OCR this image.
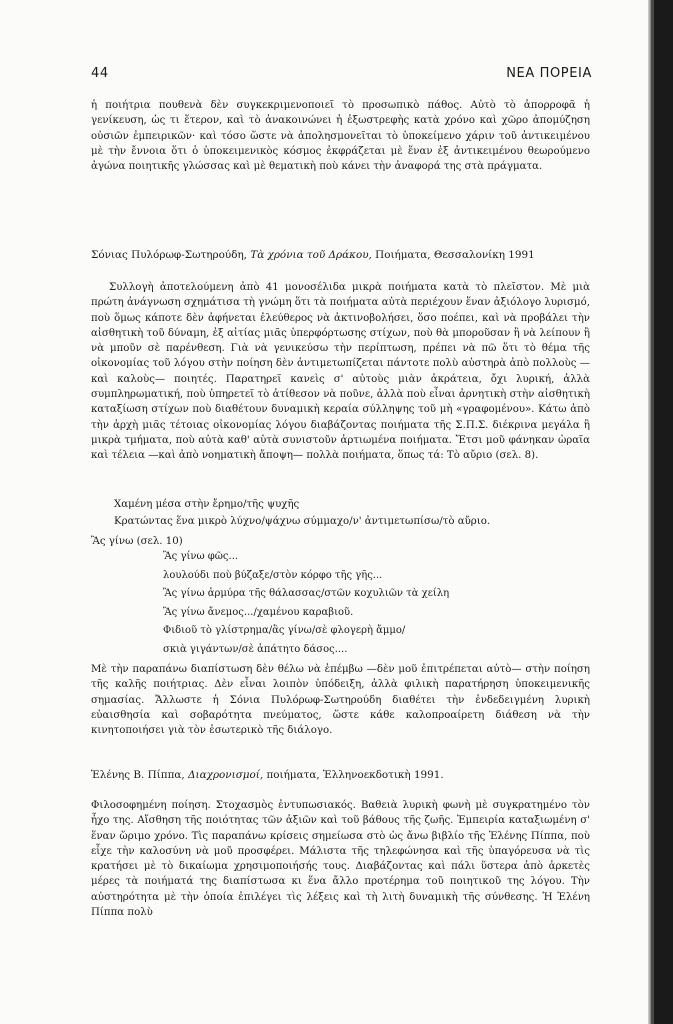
44	ΝΕΑ ΠΟΡΕΙΑ

ἡ ποιήτρια πουθενὰ δὲν συγκεκριμενοποιεῖ τὸ προσωπικὸ πάθος. Αὐτὸ τὸ ἀπορροφᾶ ἡ γενίκευση, ὡς τι ἕτερον, καὶ τὸ ἀνακοινώνει ἡ ἐξωστρεφὴς κατὰ χρόνο καὶ χῶρο ἀπομύζηση οὐσιῶν ἐμπειρικῶν· καὶ τόσο ὥστε νὰ ἀπολησμονεῖται τὸ ὑποκείμενο χάριν τοῦ ἀντικειμένου μὲ τὴν ἔννοια ὅτι ὁ ὑποκειμενικὸς κόσμος ἐκφράζεται μὲ ἕναν ἐξ ἀντικειμένου θεωρούμενο ἀγώνα ποιητικῆς γλώσσας καὶ μὲ θεματικὴ ποὺ κάνει τὴν ἀναφορά της στὰ πράγματα.

Σόνιας Πυλόρωφ-Σωτηρούδη, Τὰ χρόνια τοῦ Δράκου, Ποιήματα, Θεσσαλονίκη 1991

Συλλογὴ ἀποτελούμενη ἀπὸ 41 μονοσέλιδα μικρὰ ποιήματα κατὰ τὸ πλεῖστον. Μὲ μιὰ πρώτη ἀνάγνωση σχημάτισα τὴ γνώμη ὅτι τὰ ποιήματα αὐτὰ περιέχουν ἕναν ἀξιόλογο λυρισμό, ποὺ ὅμως κάποτε δὲν ἀφήνεται ἐλεύθερος νὰ ἀκτινοβολήσει, ὅσο ποέπει, καὶ νὰ προβάλει τὴν αἰσθητικὴ τοῦ δύναμη, ἐξ αἰτίας μιᾶς ὑπερφόρτωσης στίχων, ποὺ θὰ μποροῦσαν ἢ νὰ λείπουν ἢ νὰ μποῦν σὲ παρένθεση. Γιὰ νὰ γενικεύσω τὴν περίπτωση, πρέπει νὰ πῶ ὅτι τὸ θέμα τῆς οἰκονομίας τοῦ λόγου στὴν ποίηση δὲν ἀντιμετωπίζεται πάντοτε πολὺ αὐστηρὰ ἀπὸ πολλοὺς —καὶ καλοὺς— ποιητές. Παρατηρεῖ κανεὶς σ' αὐτοὺς μιὰν ἀκράτεια, ὄχι λυρική, ἀλλὰ συμπληρωματική, ποὺ ὑπηρετεῖ τὸ ἀτίθεσον νὰ ποῦνε, ἀλλὰ ποὺ εἶναι ἀρνητικὴ στὴν αἰσθητικὴ καταξίωση στίχων ποὺ διαθέτουν δυναμικὴ κεραία σύλληψης τοῦ μὴ «γραφομένου». Κάτω ἀπὸ τὴν ἀρχὴ μιᾶς τέτοιας οἰκονομίας λόγου διαβάζοντας ποιήματα τῆς Σ.Π.Σ. διέκρινα μεγάλα ἢ μικρὰ τμήματα, ποὺ αὐτὰ καθ' αὑτὰ συνιστοῦν ἀρτιωμένα ποιήματα. Ἔτσι μοῦ φάνηκαν ὡραῖα καὶ τέλεια —καὶ ἀπὸ νοηματικὴ ἄποψη— πολλὰ ποιήματα, ὅπως τά: Τὸ αὔριο (σελ. 8).

Χαμένη μέσα στὴν ἔρημο/τῆς ψυχῆς

Κρατώντας ἕνα μικρὸ λύχνο/ψάχνω σύμμαχο/ν' ἀντιμετωπίσω/τὸ αὔριο.

Ἂς γίνω (σελ. 10)

Ἂς γίνω φῶς...

λουλούδι ποὺ βύζαξε/στὸν κόρφο τῆς γῆς...

Ἂς γίνω ἁρμύρα τῆς θάλασσας/στῶν κοχυλιῶν τὰ χείλη

Ἂς γίνω ἄνεμος.../χαμένου καραβιοῦ.

Φιδιοῦ τὸ γλίστρημα/ἂς γίνω/σὲ φλογερὴ ἄμμο/

σκιὰ γιγάντων/σὲ ἀπάτητο δάσος....

Μὲ τὴν παραπάνω διαπίστωση δὲν θέλω νὰ ἐπέμβω —δὲν μοῦ ἐπιτρέπεται αὐτὸ— στὴν ποίηση τῆς καλῆς ποιήτριας. Δὲν εἶναι λοιπὸν ὑπόδειξη, ἀλλὰ φιλικὴ παρατήρηση ὑποκειμενικῆς σημασίας. Ἄλλωστε ἡ Σόνια Πυλόρωφ-Σωτηρούδη διαθέτει τὴν ἐνδεδειγμένη λυρικὴ εὐαισθησία καὶ σοβαρότητα πνεύματος, ὥστε κάθε καλοπροαίρετη διάθεση νὰ τὴν κινητοποιήσει γιὰ τὸν ἐσωτερικὸ τῆς διάλογο.

Ἑλένης Β. Πίππα, Διαχρονισμοί, ποιήματα, Ἑλληνοεκδοτικὴ 1991.

Φιλοσοφημένη ποίηση. Στοχασμὸς ἐντυπωσιακός. Βαθειὰ λυρικὴ φωνὴ μὲ συγκρατημένο τὸν ἦχο της. Αἴσθηση τῆς ποιότητας τῶν ἀξιῶν καὶ τοῦ βάθους τῆς ζωῆς. Ἐμπειρία καταξιωμένη σ' ἕναν ὥριμο χρόνο. Τὶς παραπάνω κρίσεις σημείωσα στὸ ὡς ἄνω βιβλίο τῆς Ἑλένης Πίππα, ποὺ εἶχε τὴν καλοσύνη νὰ μοῦ προσφέρει. Μάλιστα τῆς τηλεφώνησα καὶ τῆς ὑπαγόρευσα νὰ τὶς κρατήσει μὲ τὸ δικαίωμα χρησιμοποιήσής τους. Διαβάζοντας καὶ πάλι ὕστερα ἀπὸ ἀρκετὲς μέρες τὰ ποιήματά της διαπίστωσα κι ἕνα ἄλλο προτέρημα τοῦ ποιητικοῦ της λόγου. Τὴν αὐστηρότητα μὲ τὴν ὁποία ἐπιλέγει τὶς λέξεις καὶ τὴ λιτὴ δυναμικὴ τῆς σύνθεσης. Ἡ Ἑλένη Πίππα πολὺ
